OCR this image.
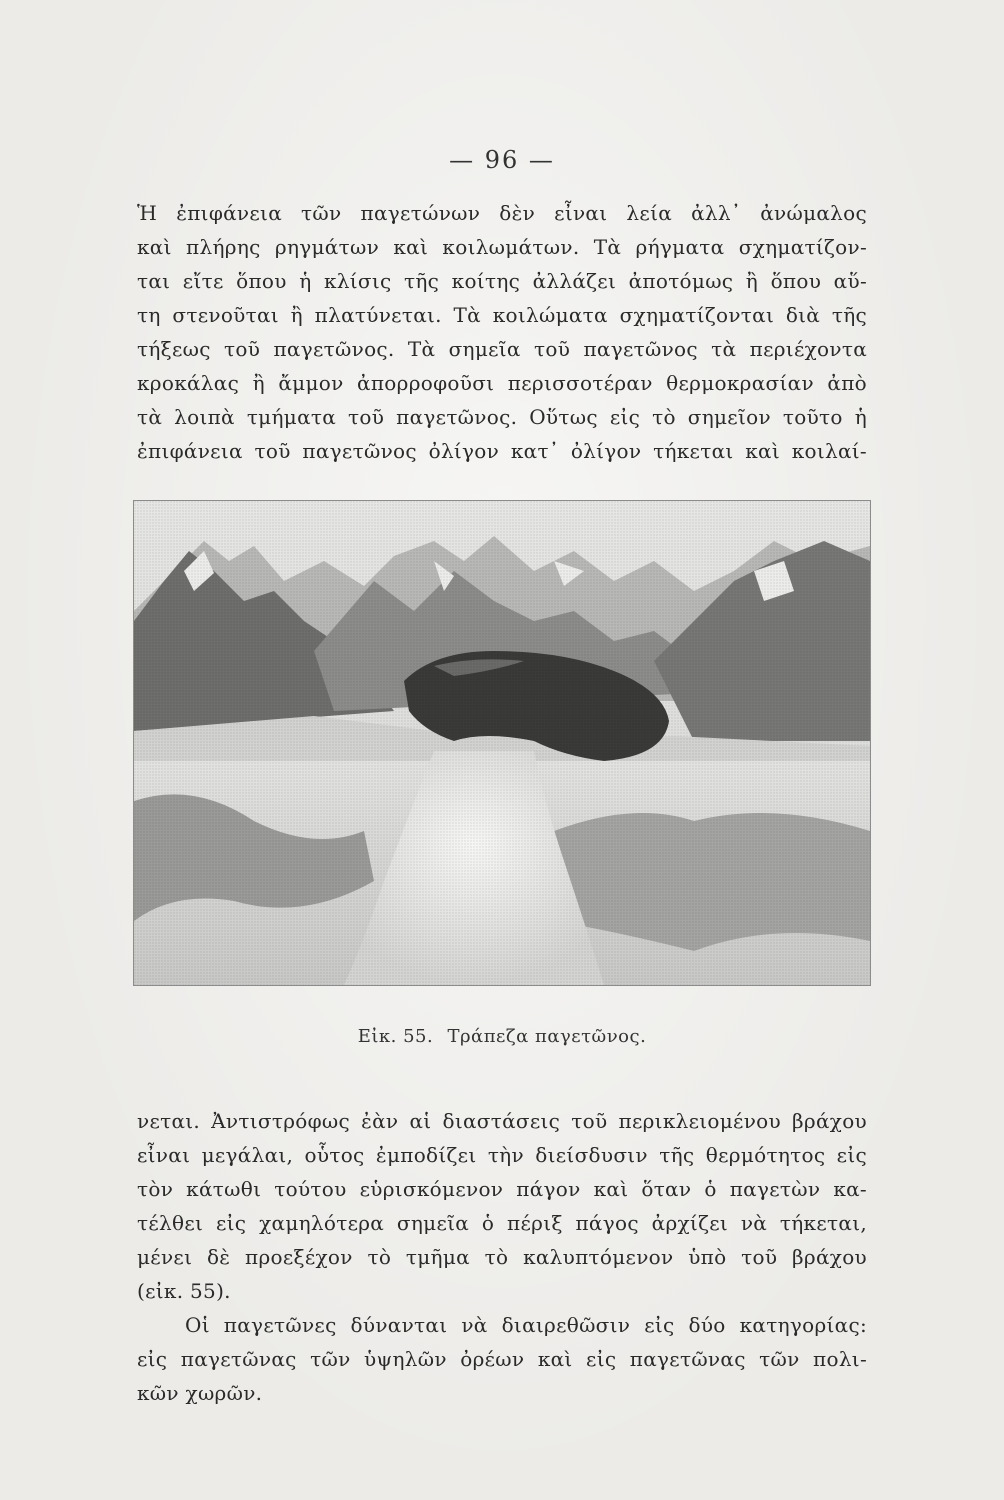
— 96 —
Ἡ ἐπιφάνεια τῶν παγετώνων δὲν εἶναι λεία ἀλλ᾽ ἀνώμαλος
καὶ πλήρης ρηγμάτων καὶ κοιλωμάτων. Τὰ ρήγματα σχηματίζον-
ται εἴτε ὅπου ἡ κλίσις τῆς κοίτης ἀλλάζει ἀποτόμως ἢ ὅπου αὕ-
τη στενοῦται ἢ πλατύνεται. Τὰ κοιλώματα σχηματίζονται διὰ τῆς
τήξεως τοῦ παγετῶνος. Τὰ σημεῖα τοῦ παγετῶνος τὰ περιέχοντα
κροκάλας ἢ ἄμμον ἀπορροφοῦσι περισσοτέραν θερμοκρασίαν ἀπὸ
τὰ λοιπὰ τμήματα τοῦ παγετῶνος. Οὕτως εἰς τὸ σημεῖον τοῦτο ἡ
ἐπιφάνεια τοῦ παγετῶνος ὀλίγον κατ᾽ ὀλίγον τήκεται καὶ κοιλαί-
Εἰκ. 55. Τράπεζα παγετῶνος.
νεται. Ἀντιστρόφως ἐὰν αἱ διαστάσεις τοῦ περικλειομένου βράχου
εἶναι μεγάλαι, οὗτος ἐμποδίζει τὴν διείσδυσιν τῆς θερμότητος εἰς
τὸν κάτωθι τούτου εὑρισκόμενον πάγον καὶ ὅταν ὁ παγετὼν κα-
τέλθει εἰς χαμηλότερα σημεῖα ὁ πέριξ πάγος ἀρχίζει νὰ τήκεται,
μένει δὲ προεξέχον τὸ τμῆμα τὸ καλυπτόμενον ὑπὸ τοῦ βράχου
(εἰκ. 55).
Οἱ παγετῶνες δύνανται νὰ διαιρεθῶσιν εἰς δύο κατηγορίας:
εἰς παγετῶνας τῶν ὑψηλῶν ὀρέων καὶ εἰς παγετῶνας τῶν πολι-
κῶν χωρῶν.
